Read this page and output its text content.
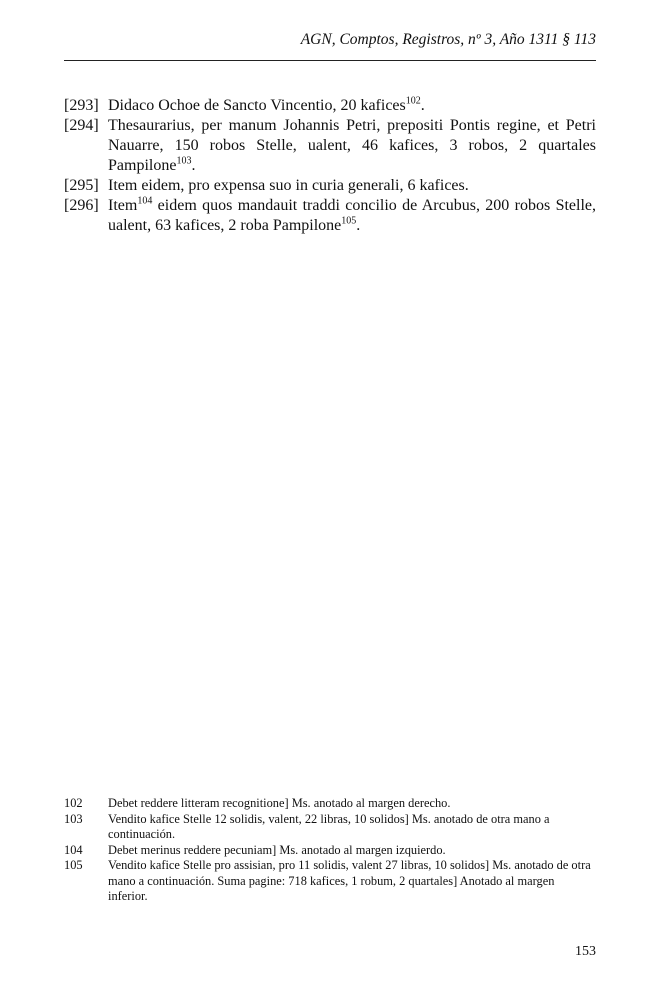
AGN, Comptos, Registros, nº 3, Año 1311 § 113
[293] Didaco Ochoe de Sancto Vincentio, 20 kafices$^{102}$.
[294] Thesaurarius, per manum Johannis Petri, prepositi Pontis regine, et Petri Nauarre, 150 robos Stelle, ualent, 46 kafices, 3 robos, 2 quartales Pampilone$^{103}$.
[295] Item eidem, pro expensa suo in curia generali, 6 kafices.
[296] Item$^{104}$ eidem quos mandauit traddi concilio de Arcubus, 200 robos Stelle, ualent, 63 kafices, 2 roba Pampilone$^{105}$.
102	Debet reddere litteram recognitione] Ms. anotado al margen derecho.
103	Vendito kafice Stelle 12 solidis, valent, 22 libras, 10 solidos] Ms. anotado de otra mano a continuación.
104	Debet merinus reddere pecuniam] Ms. anotado al margen izquierdo.
105	Vendito kafice Stelle pro assisian, pro 11 solidis, valent 27 libras, 10 solidos] Ms. anotado de otra mano a continuación. Suma pagine: 718 kafices, 1 robum, 2 quartales] Anotado al margen inferior.
153
